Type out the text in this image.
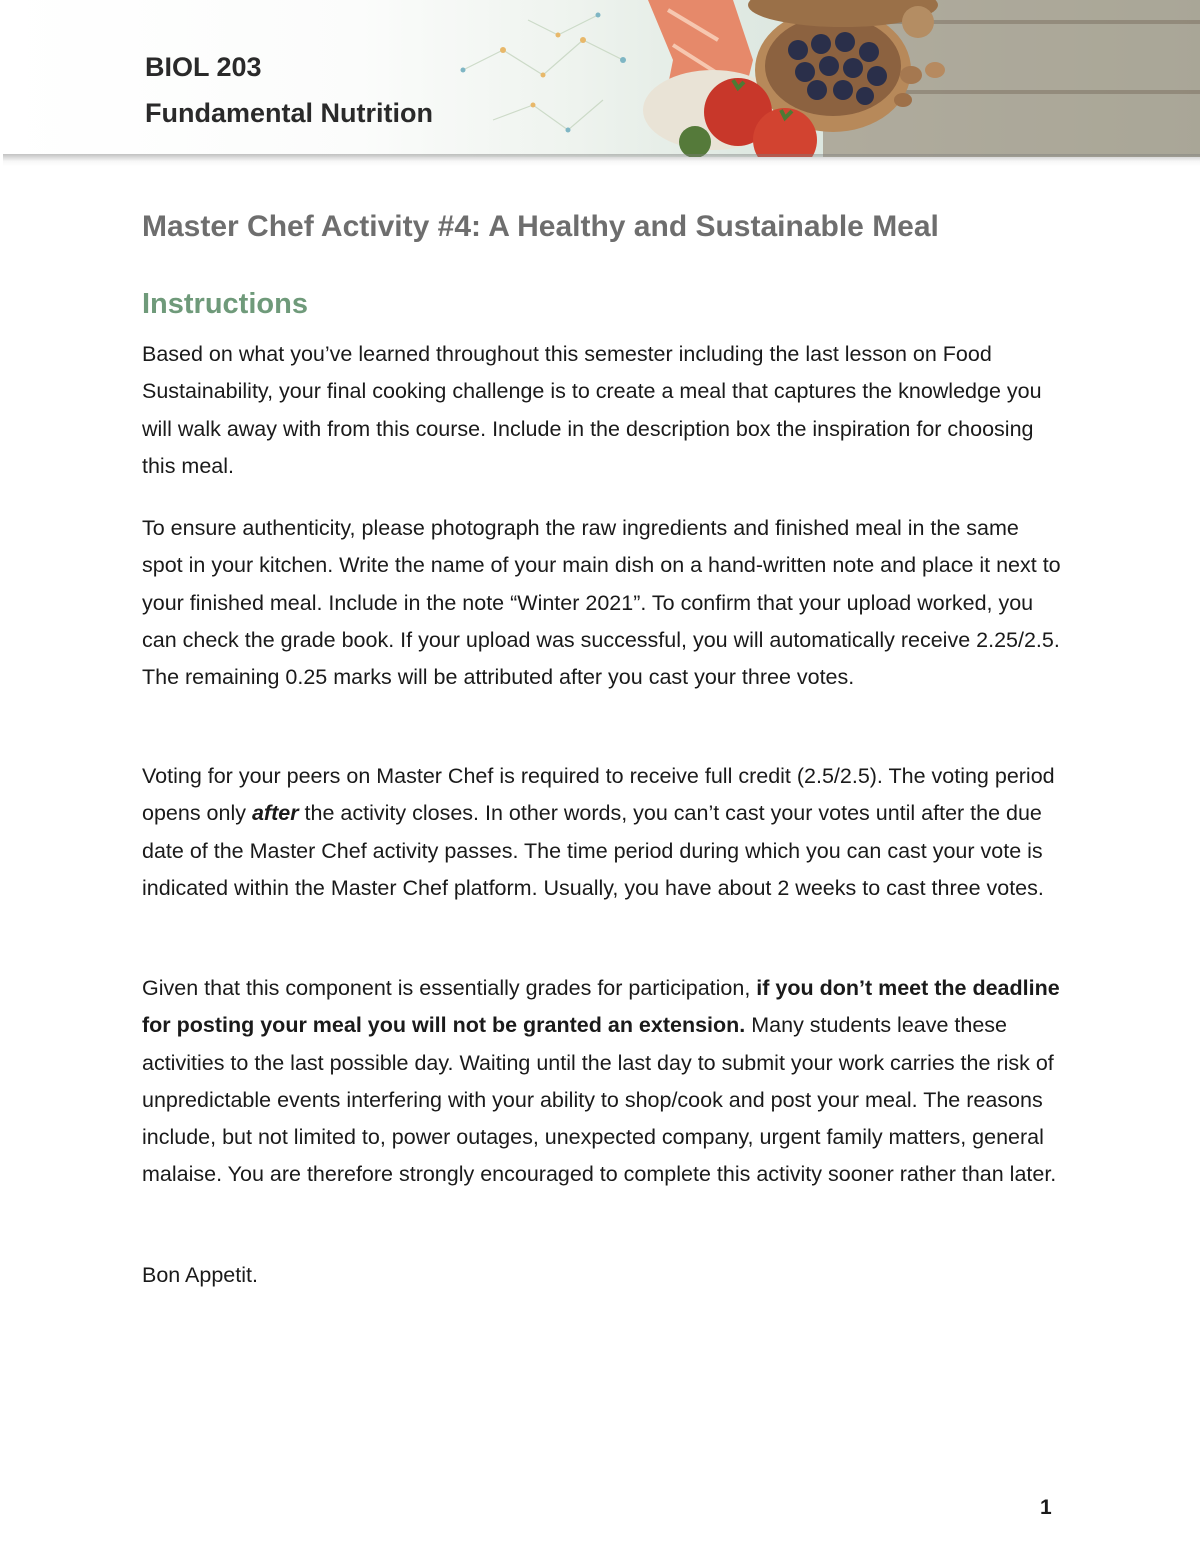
BIOL 203

Fundamental Nutrition

Master Chef Activity #4: A Healthy and Sustainable Meal
Instructions

Based on what you’ve learned throughout this semester including the last lesson on Food Sustainability, your final cooking challenge is to create a meal that captures the knowledge you will walk away with from this course. Include in the description box the inspiration for choosing this meal.

To ensure authenticity, please photograph the raw ingredients and finished meal in the same spot in your kitchen. Write the name of your main dish on a hand-written note and place it next to your finished meal. Include in the note “Winter 2021”. To confirm that your upload worked, you can check the grade book. If your upload was successful, you will automatically receive 2.25/2.5. The remaining 0.25 marks will be attributed after you cast your three votes.

Voting for your peers on Master Chef is required to receive full credit (2.5/2.5). The voting period opens only after the activity closes. In other words, you can’t cast your votes until after the due date of the Master Chef activity passes. The time period during which you can cast your vote is indicated within the Master Chef platform. Usually, you have about 2 weeks to cast three votes.

Given that this component is essentially grades for participation, if you don’t meet the deadline for posting your meal you will not be granted an extension. Many students leave these activities to the last possible day. Waiting until the last day to submit your work carries the risk of unpredictable events interfering with your ability to shop/cook and post your meal. The reasons include, but not limited to, power outages, unexpected company, urgent family matters, general malaise. You are therefore strongly encouraged to complete this activity sooner rather than later.

Bon Appetit.

1
